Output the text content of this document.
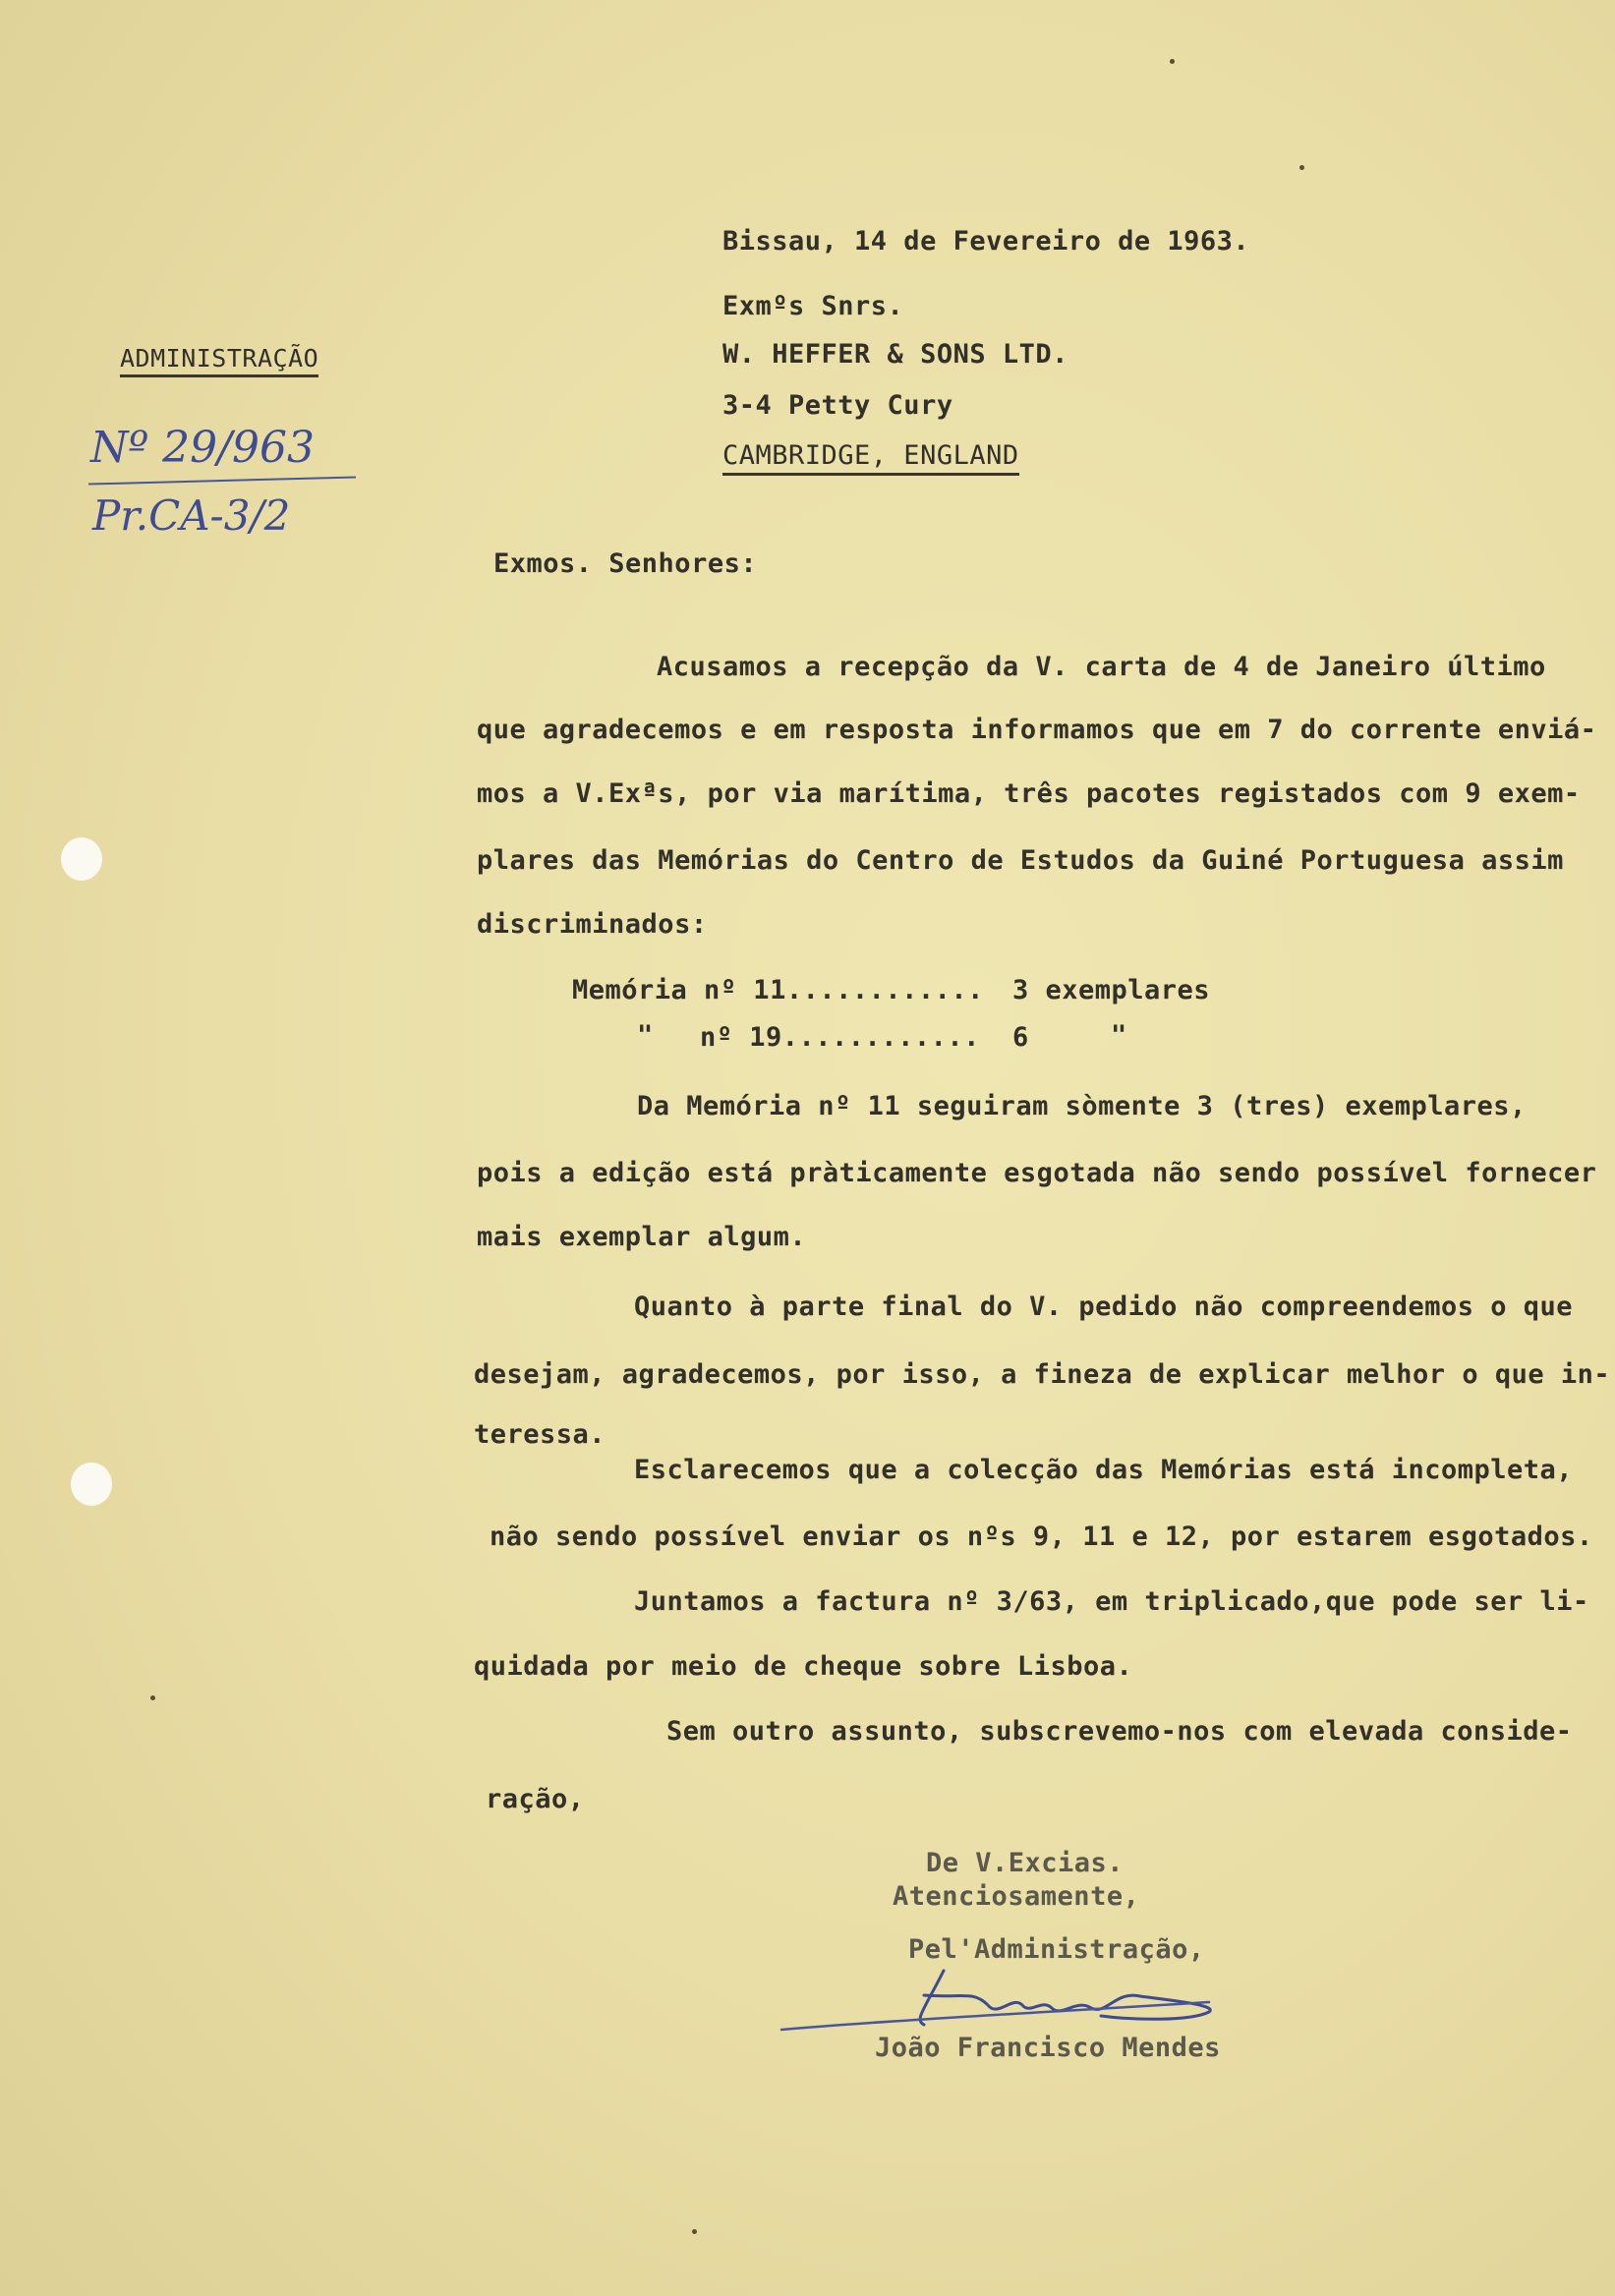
ADMINISTRAÇÃO
Nº 29/963
Pr.CA-3/2
Bissau, 14 de Fevereiro de 1963.
Exmºs Snrs.
W. HEFFER & SONS LTD.
3-4 Petty Cury
CAMBRIDGE, ENGLAND
Exmos. Senhores:
Acusamos a recepção da V. carta de 4 de Janeiro último
que agradecemos e em resposta informamos que em 7 do corrente enviá-
mos a V.Exªs, por via marítima, três pacotes registados com 9 exem-
plares das Memórias do Centro de Estudos da Guiné Portuguesa assim
discriminados:
Memória nº 11............ 3 exemplares
" nº 19............ 6	"
Da Memória nº 11 seguiram sòmente 3 (tres) exemplares,
pois a edição está pràticamente esgotada não sendo possível fornecer
mais exemplar algum.
Quanto à parte final do V. pedido não compreendemos o que
desejam, agradecemos, por isso, a fineza de explicar melhor o que in-
teressa.
Esclarecemos que a colecção das Memórias está incompleta,
não sendo possível enviar os nºs 9, 11 e 12, por estarem esgotados.
Juntamos a factura nº 3/63, em triplicado,que pode ser li-
quidada por meio de cheque sobre Lisboa.
Sem outro assunto, subscrevemo-nos com elevada conside-
ração,
De V.Excias.
Atenciosamente,
Pel'Administração,
João Francisco Mendes
